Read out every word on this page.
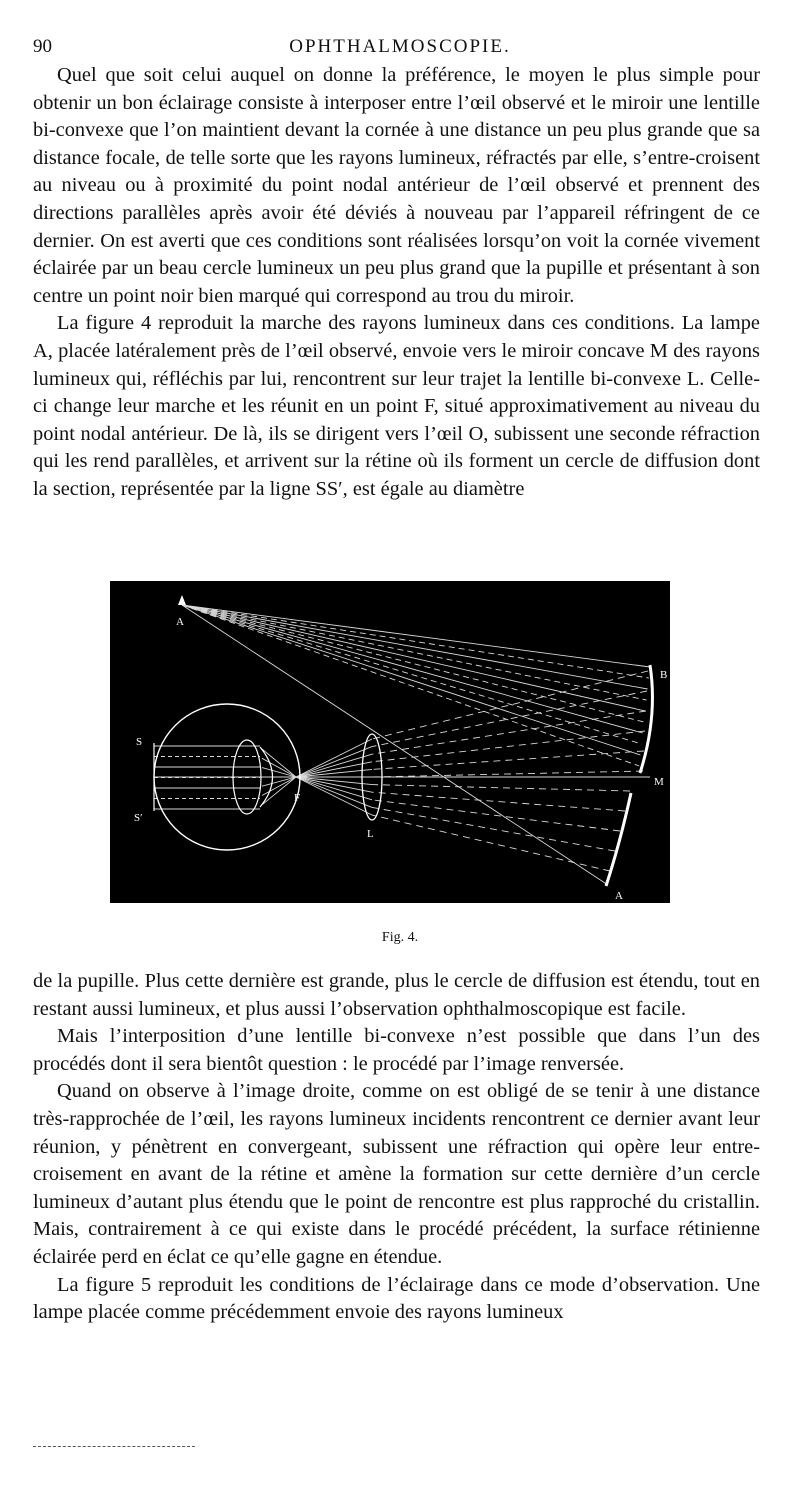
90	OPHTHALMOSCOPIE.

Quel que soit celui auquel on donne la préférence, le moyen le plus simple pour obtenir un bon éclairage consiste à interposer entre l’œil observé et le miroir une lentille bi-convexe que l’on maintient devant la cornée à une distance un peu plus grande que sa distance focale, de telle sorte que les rayons lumineux, réfractés par elle, s’entre-croisent au niveau ou à proximité du point nodal antérieur de l’œil observé et prennent des directions parallèles après avoir été déviés à nouveau par l’appareil réfringent de ce dernier. On est averti que ces conditions sont réalisées lorsqu’on voit la cornée vivement éclairée par un beau cercle lumineux un peu plus grand que la pupille et présentant à son centre un point noir bien marqué qui correspond au trou du miroir.

La figure 4 reproduit la marche des rayons lumineux dans ces conditions. La lampe A, placée latéralement près de l’œil observé, envoie vers le miroir concave M des rayons lumineux qui, réfléchis par lui, rencontrent sur leur trajet la lentille bi-convexe L. Celle-ci change leur marche et les réunit en un point F, situé approximativement au niveau du point nodal antérieur. De là, ils se dirigent vers l’œil O, subissent une seconde réfraction qui les rend parallèles, et arrivent sur la rétine où ils forment un cercle de diffusion dont la section, représentée par la ligne SS′, est égale au diamètre

A
B
M
A
S
S′
F
L
Fig. 4.

de la pupille. Plus cette dernière est grande, plus le cercle de diffusion est étendu, tout en restant aussi lumineux, et plus aussi l’observation ophthalmoscopique est facile.

Mais l’interposition d’une lentille bi-convexe n’est possible que dans l’un des procédés dont il sera bientôt question : le procédé par l’image renversée.

Quand on observe à l’image droite, comme on est obligé de se tenir à une distance très-rapprochée de l’œil, les rayons lumineux incidents rencontrent ce dernier avant leur réunion, y pénètrent en convergeant, subissent une réfraction qui opère leur entre-croisement en avant de la rétine et amène la formation sur cette dernière d’un cercle lumineux d’autant plus étendu que le point de rencontre est plus rapproché du cristallin. Mais, contrairement à ce qui existe dans le procédé précédent, la surface rétinienne éclairée perd en éclat ce qu’elle gagne en étendue.

La figure 5 reproduit les conditions de l’éclairage dans ce mode d’observation. Une lampe placée comme précédemment envoie des rayons lumineux
